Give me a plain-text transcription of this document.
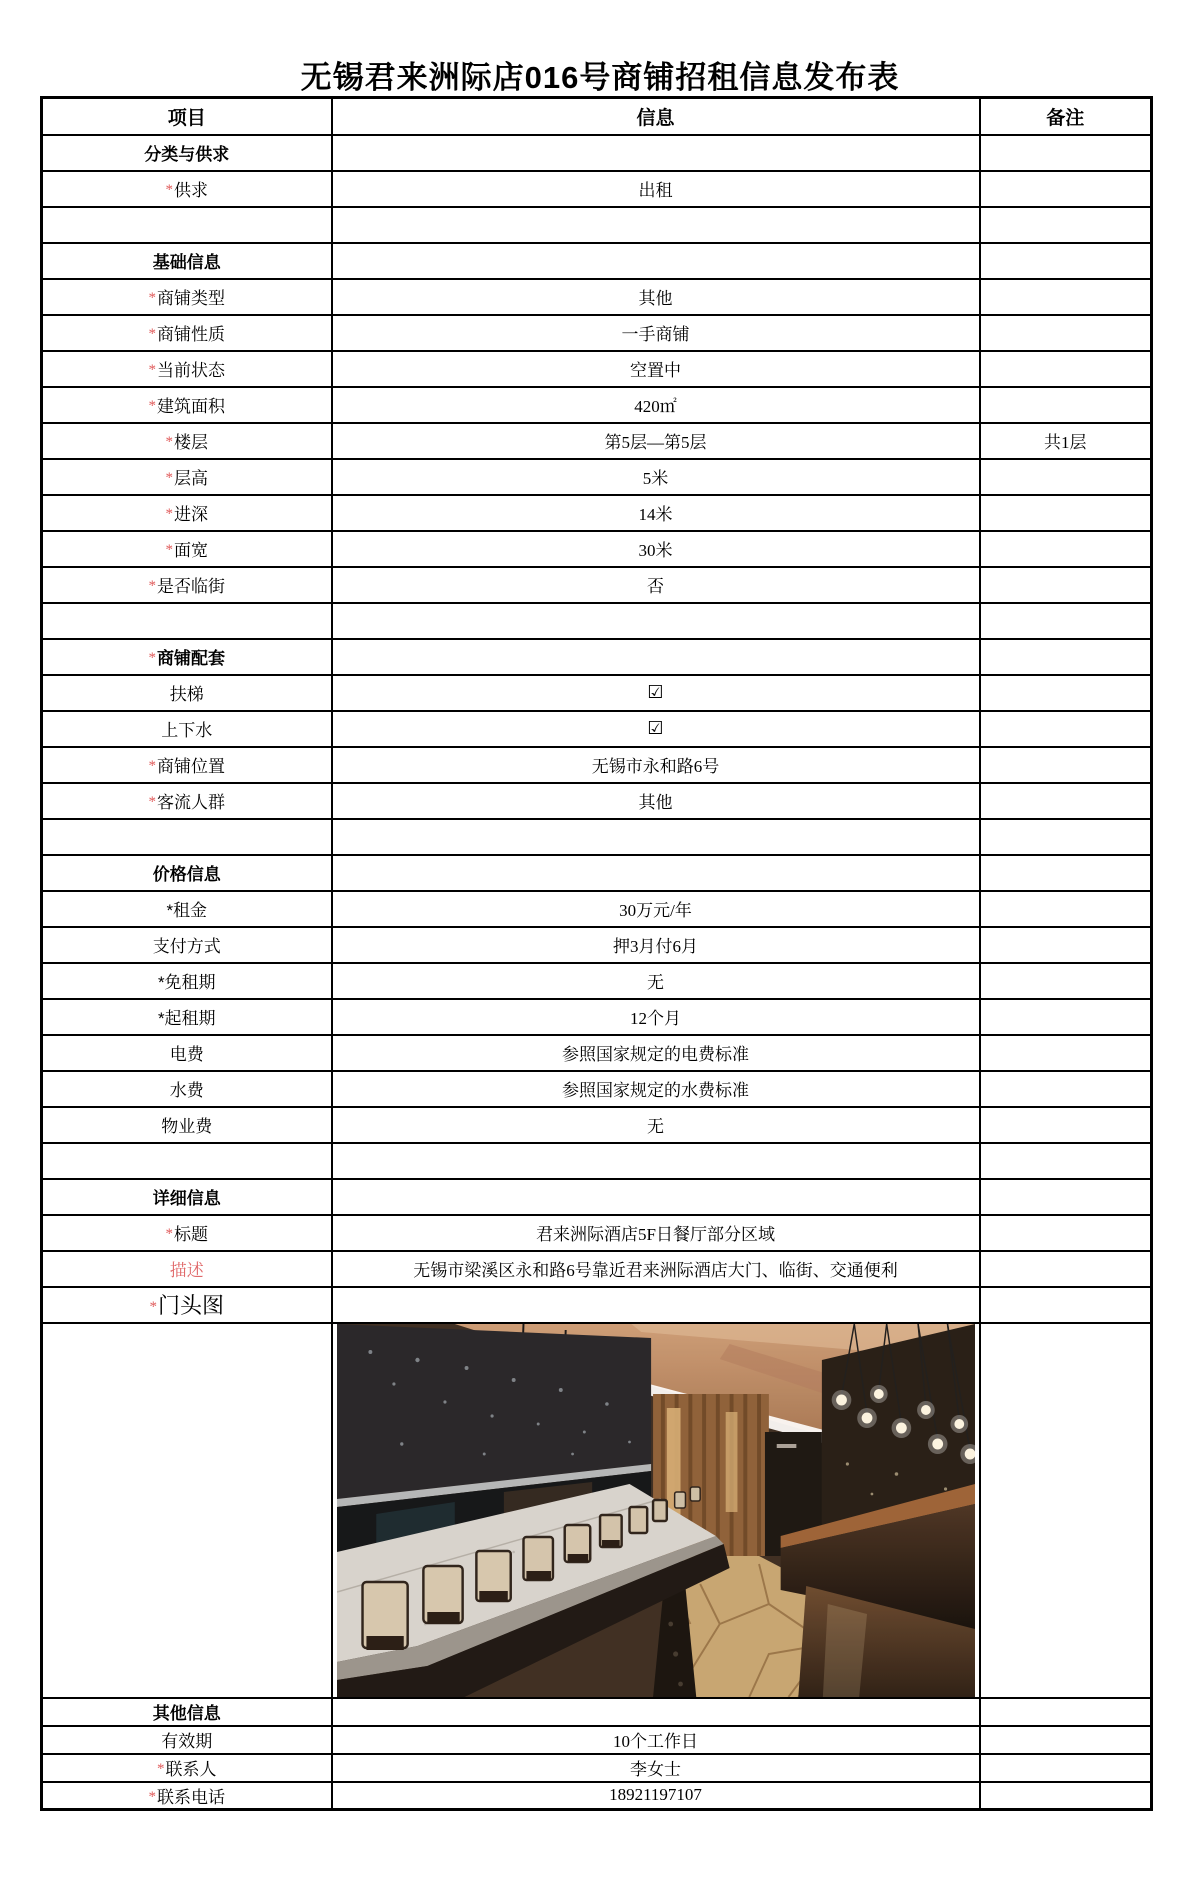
无锡君来洲际店016号商铺招租信息发布表
项目	信息	备注
分类与供求		
*供求	出租	

基础信息		
*商铺类型	其他	
*商铺性质	一手商铺	
*当前状态	空置中	
*建筑面积	420㎡	
*楼层	第5层—第5层	共1层
*层高	5米	
*进深	14米	
*面宽	30米	
*是否临街	否	

*商铺配套		
扶梯	☑	
上下水	☑	
*商铺位置	无锡市永和路6号	
*客流人群	其他	

价格信息		
*租金	30万元/年	
支付方式	押3月付6月	
*免租期	无	
*起租期	12个月	
电费	参照国家规定的电费标准	
水费	参照国家规定的水费标准	
物业费	无	

详细信息		
*标题	君来洲际酒店5F日餐厅部分区域	
描述	无锡市梁溪区永和路6号靠近君来洲际酒店大门、临街、交通便利	
*门头图		

其他信息		
有效期	10个工作日	
*联系人	李女士	
*联系电话	18921197107	
